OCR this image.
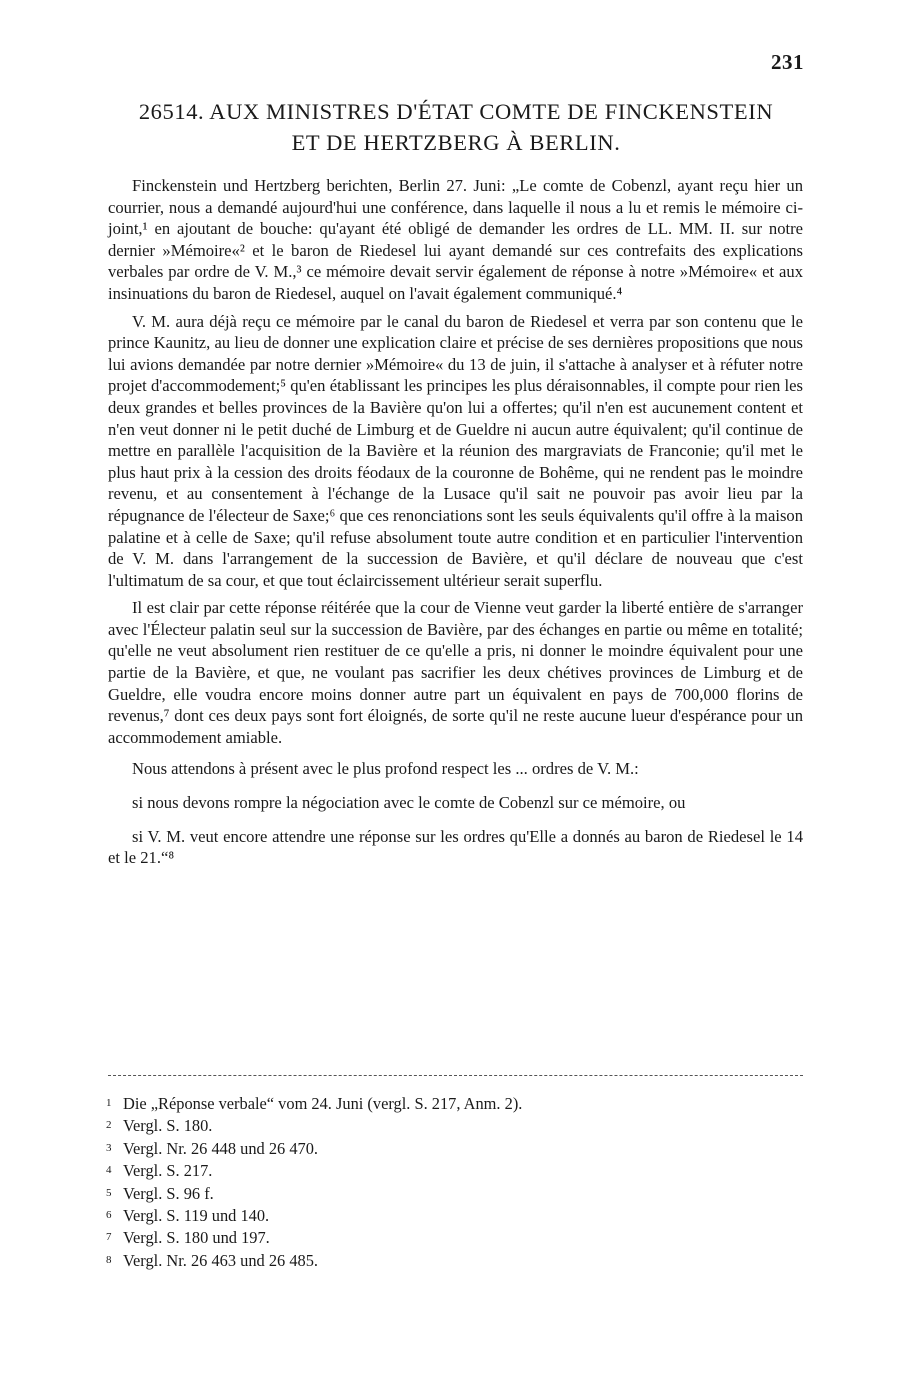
231
26514. AUX MINISTRES D'ÉTAT COMTE DE FINCKENSTEIN
ET DE HERTZBERG À BERLIN.

Finckenstein und Hertzberg berichten, Berlin 27. Juni: „Le comte de Cobenzl, ayant reçu hier un courrier, nous a demandé aujourd'hui une conférence, dans laquelle il nous a lu et remis le mémoire ci-joint,¹ en ajoutant de bouche: qu'ayant été obligé de demander les ordres de LL. MM. II. sur notre dernier »Mémoire«² et le baron de Riedesel lui ayant demandé sur ces contrefaits des explications verbales par ordre de V. M.,³ ce mémoire devait servir également de réponse à notre »Mémoire« et aux insinuations du baron de Riedesel, auquel on l'avait également communiqué.⁴

V. M. aura déjà reçu ce mémoire par le canal du baron de Riedesel et verra par son contenu que le prince Kaunitz, au lieu de donner une explication claire et précise de ses dernières propositions que nous lui avions demandée par notre dernier »Mémoire« du 13 de juin, il s'attache à analyser et à réfuter notre projet d'accommodement;⁵ qu'en établissant les principes les plus déraisonnables, il compte pour rien les deux grandes et belles provinces de la Bavière qu'on lui a offertes; qu'il n'en est aucunement content et n'en veut donner ni le petit duché de Limburg et de Gueldre ni aucun autre équivalent; qu'il continue de mettre en parallèle l'acquisition de la Bavière et la réunion des margraviats de Franconie; qu'il met le plus haut prix à la cession des droits féodaux de la couronne de Bohême, qui ne rendent pas le moindre revenu, et au consentement à l'échange de la Lusace qu'il sait ne pouvoir pas avoir lieu par la répugnance de l'électeur de Saxe;⁶ que ces renonciations sont les seuls équivalents qu'il offre à la maison palatine et à celle de Saxe; qu'il refuse absolument toute autre condition et en particulier l'intervention de V. M. dans l'arrangement de la succession de Bavière, et qu'il déclare de nouveau que c'est l'ultimatum de sa cour, et que tout éclaircissement ultérieur serait superflu.

Il est clair par cette réponse réitérée que la cour de Vienne veut garder la liberté entière de s'arranger avec l'Électeur palatin seul sur la succession de Bavière, par des échanges en partie ou même en totalité; qu'elle ne veut absolument rien restituer de ce qu'elle a pris, ni donner le moindre équivalent pour une partie de la Bavière, et que, ne voulant pas sacrifier les deux chétives provinces de Limburg et de Gueldre, elle voudra encore moins donner autre part un équivalent en pays de 700,000 florins de revenus,⁷ dont ces deux pays sont fort éloignés, de sorte qu'il ne reste aucune lueur d'espérance pour un accommodement amiable.

Nous attendons à présent avec le plus profond respect les ... ordres de V. M.:

si nous devons rompre la négociation avec le comte de Cobenzl sur ce mémoire, ou

si V. M. veut encore attendre une réponse sur les ordres qu'Elle a donnés au baron de Riedesel le 14 et le 21.“⁸

1 Die „Réponse verbale“ vom 24. Juni (vergl. S. 217, Anm. 2).
2 Vergl. S. 180.
3 Vergl. Nr. 26 448 und 26 470.
4 Vergl. S. 217.
5 Vergl. S. 96 f.
6 Vergl. S. 119 und 140.
7 Vergl. S. 180 und 197.
8 Vergl. Nr. 26 463 und 26 485.
